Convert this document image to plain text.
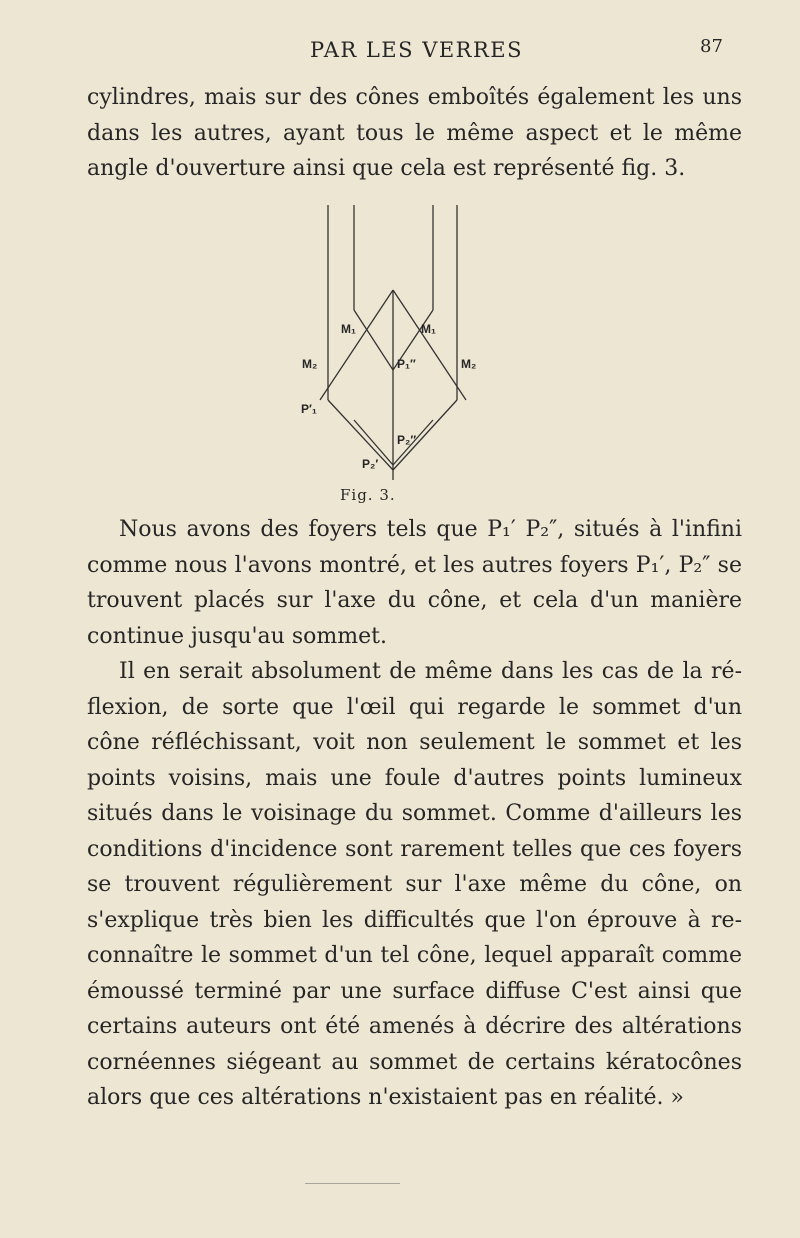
PAR LES VERRES	87

cylindres, mais sur des cônes emboîtés également les uns dans les autres, ayant tous le même aspect et le même angle d'ouverture ainsi que cela est représenté fig. 3.

M₁	M₁
M₂	M₂
P₁″
P′₁
P₂″
P₂′
Fig. 3.

Nous avons des foyers tels que P₁′ P₂″, situés à l'infini comme nous l'avons montré, et les autres foyers P₁′, P₂″ se trouvent placés sur l'axe du cône, et cela d'un manière continue jusqu'au sommet.

Il en serait absolument de même dans les cas de la ré-flexion, de sorte que l'œil qui regarde le sommet d'un cône réfléchissant, voit non seulement le sommet et les points voisins, mais une foule d'autres points lumineux situés dans le voisinage du sommet. Comme d'ailleurs les conditions d'incidence sont rarement telles que ces foyers se trouvent régulièrement sur l'axe même du cône, on s'explique très bien les difficultés que l'on éprouve à re-connaître le sommet d'un tel cône, lequel apparaît comme émoussé terminé par une surface diffuse C'est ainsi que certains auteurs ont été amenés à décrire des altérations cornéennes siégeant au sommet de certains kératocônes alors que ces altérations n'existaient pas en réalité. »
